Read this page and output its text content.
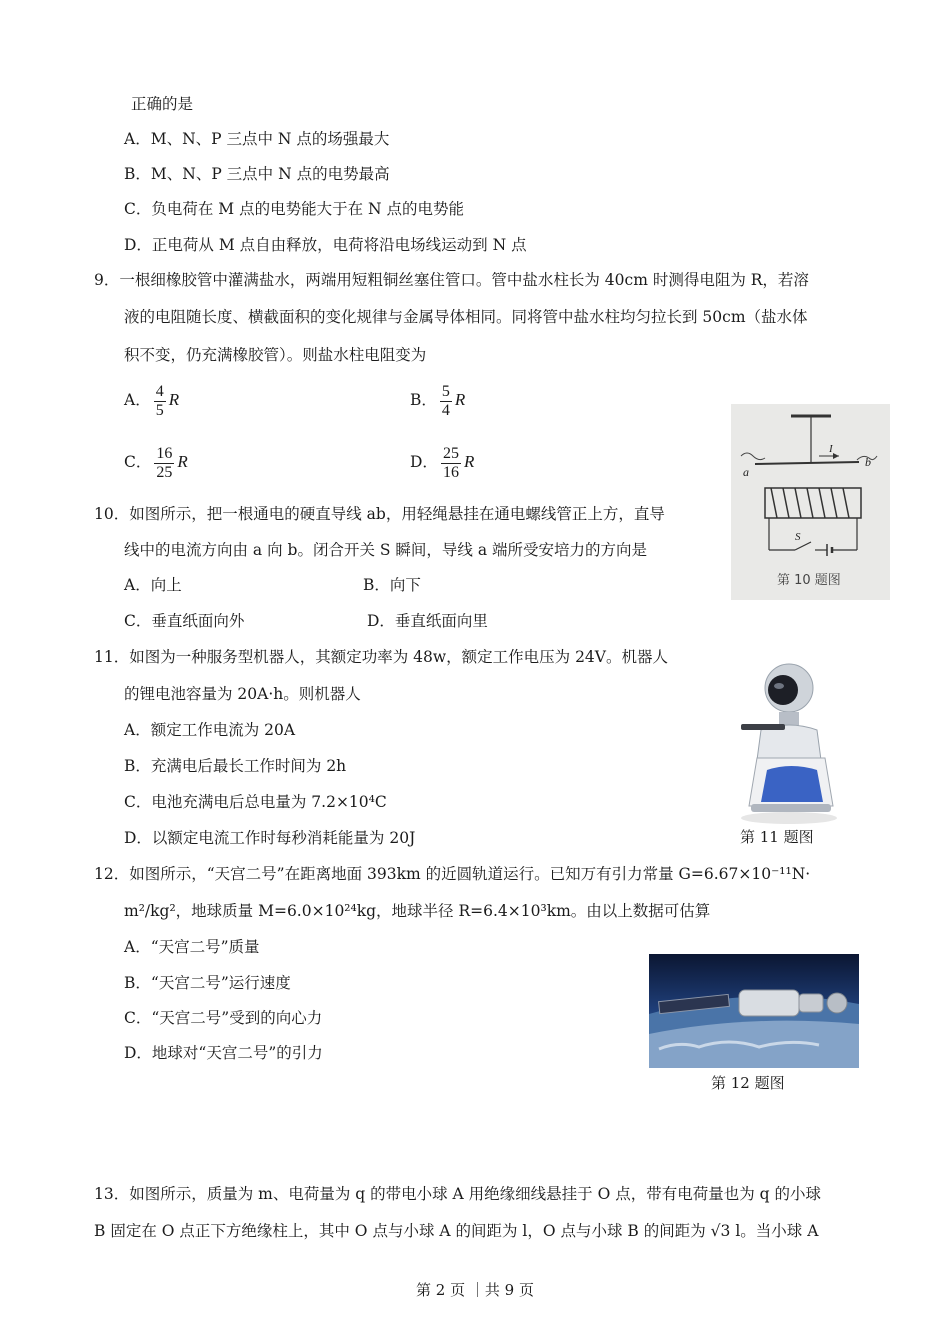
正确的是
A．M、N、P 三点中 N 点的场强最大
B．M、N、P 三点中 N 点的电势最高
C．负电荷在 M 点的电势能大于在 N 点的电势能
D．正电荷从 M 点自由释放，电荷将沿电场线运动到 N 点
9．一根细橡胶管中灌满盐水，两端用短粗铜丝塞住管口。管中盐水柱长为 40cm 时测得电阻为 R，若溶
液的电阻随长度、横截面积的变化规律与金属导体相同。同将管中盐水柱均匀拉长到 50cm（盐水体
积不变，仍充满橡胶管）。则盐水柱电阻变为
A． $\frac{4}{5}$ R	B． $\frac{5}{4}$ R
C． $\frac{16}{25}$ R	D． $\frac{25}{16}$ R
I
a
b
S
第 10 题图
10．如图所示，把一根通电的硬直导线 ab，用轻绳悬挂在通电螺线管正上方，直导
线中的电流方向由 a 向 b。闭合开关 S 瞬间，导线 a 端所受安培力的方向是
A．向上	B．向下
C．垂直纸面向外	D．垂直纸面向里
11．如图为一种服务型机器人，其额定功率为 48w，额定工作电压为 24V。机器人
的锂电池容量为 20A·h。则机器人
A．额定工作电流为 20A
B．充满电后最长工作时间为 2h
C．电池充满电后总电量为 7.2×10⁴C
D．以额定电流工作时每秒消耗能量为 20J	第 11 题图
12．如图所示，“天宫二号”在距离地面 393km 的近圆轨道运行。已知万有引力常量 G=6.67×10⁻¹¹N·
m²/kg²，地球质量 M=6.0×10²⁴kg，地球半径 R=6.4×10³km。由以上数据可估算
A．“天宫二号”质量
B．“天宫二号”运行速度
C．“天宫二号”受到的向心力
D．地球对“天宫二号”的引力
第 12 题图
13．如图所示，质量为 m、电荷量为 q 的带电小球 A 用绝缘细线悬挂于 O 点，带有电荷量也为 q 的小球
B 固定在 O 点正下方绝缘柱上，其中 O 点与小球 A 的间距为 l，O 点与小球 B 的间距为 √3 l。当小球 A
第 2 页 ｜共 9 页
